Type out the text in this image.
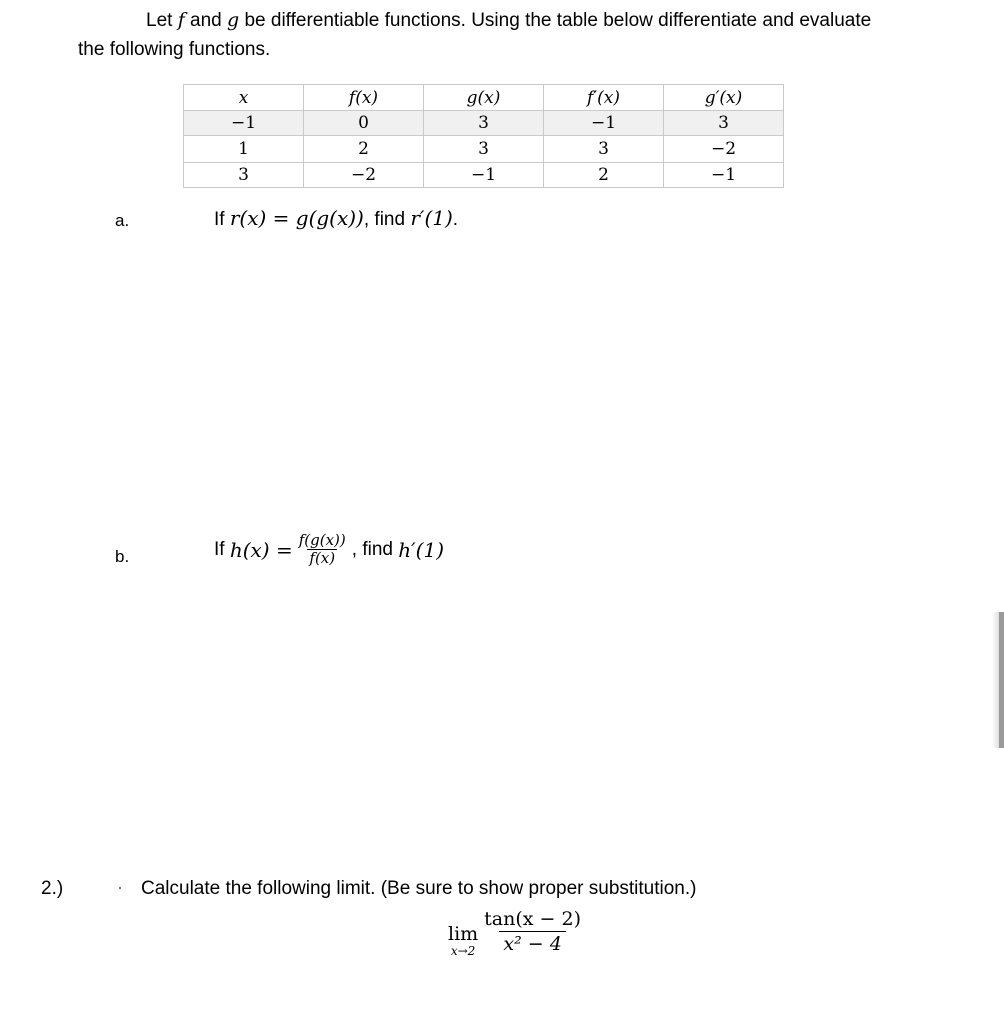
Let f and g be differentiable functions. Using the table below differentiate and evaluate
the following functions.
x	f(x)	g(x)	f′(x)	g′(x)
−1	0	3	−1	3
1	2	3	3	−2
3	−2	−1	2	−1
a.	If r(x) = g(g(x)), find r′(1).
b.	If
$h(x) = \frac{f(g(x))}{f(x)}$ , find
h′(1)
2.)	Calculate the following limit. (Be sure to show proper substitution.)
lim
$x\to 2 \frac{\tan(x - 2)}{\text{x² − 4}}$
